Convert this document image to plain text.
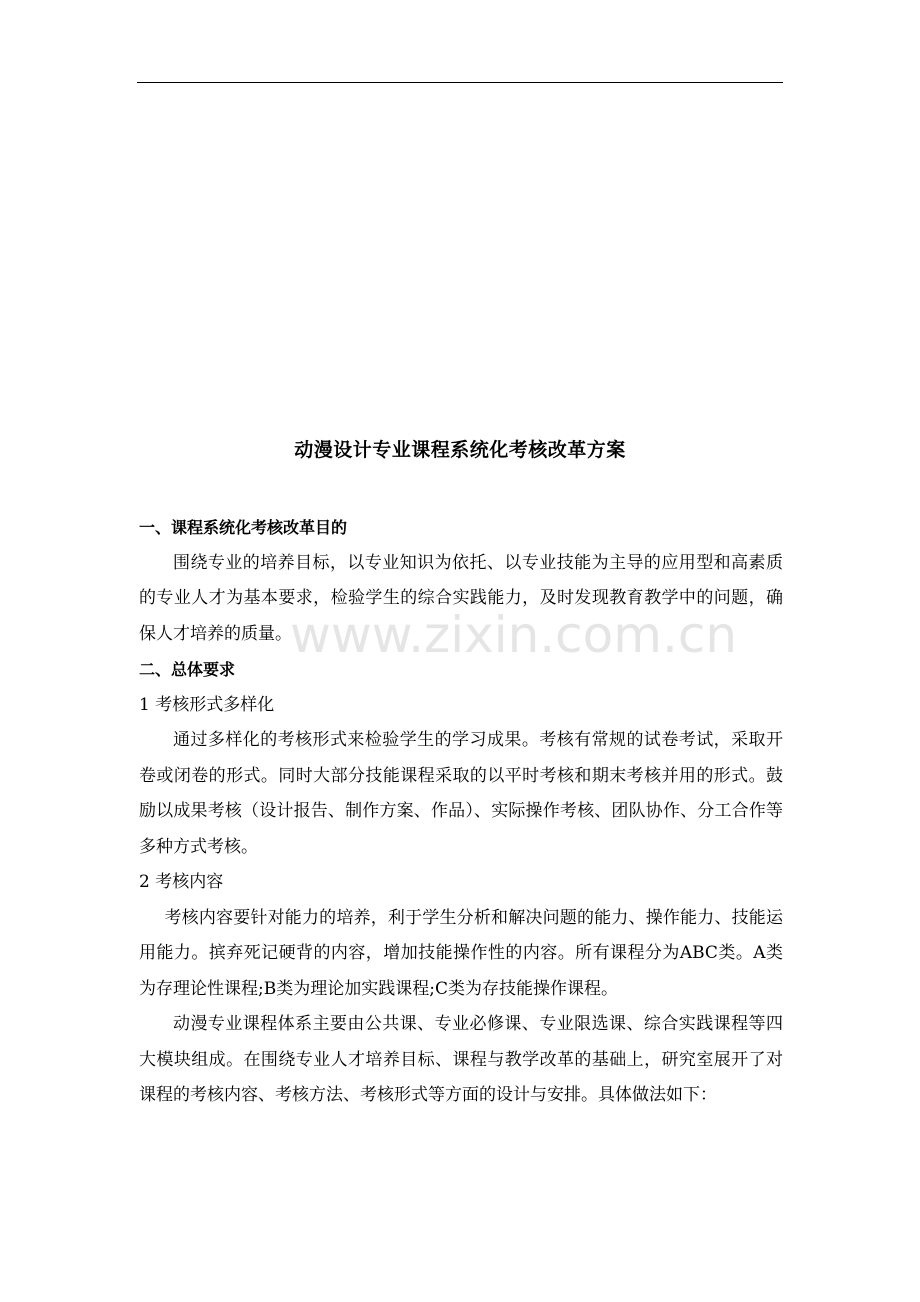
动漫设计专业课程系统化考核改革方案

一、课程系统化考核改革目的

围绕专业的培养目标，以专业知识为依托、以专业技能为主导的应用型和高素质的专业人才为基本要求，检验学生的综合实践能力，及时发现教育教学中的问题，确保人才培养的质量。

二、总体要求

1 考核形式多样化

通过多样化的考核形式来检验学生的学习成果。考核有常规的试卷考试，采取开卷或闭卷的形式。同时大部分技能课程采取的以平时考核和期末考核并用的形式。鼓励以成果考核（设计报告、制作方案、作品）、实际操作考核、团队协作、分工合作等多种方式考核。

2 考核内容

考核内容要针对能力的培养，利于学生分析和解决问题的能力、操作能力、技能运用能力。摈弃死记硬背的内容，增加技能操作性的内容。所有课程分为ABC类。A类为存理论性课程;B类为理论加实践课程;C类为存技能操作课程。

动漫专业课程体系主要由公共课、专业必修课、专业限选课、综合实践课程等四大模块组成。在围绕专业人才培养目标、课程与教学改革的基础上，研究室展开了对课程的考核内容、考核方法、考核形式等方面的设计与安排。具体做法如下：

www.zixin.com.cn
